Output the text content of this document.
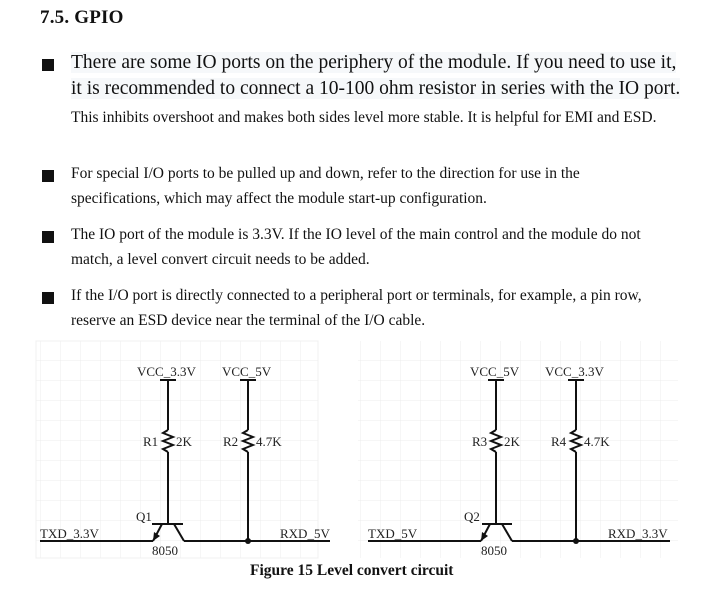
7.5. GPIO
There are some IO ports on the periphery of the module. If you need to use it,
it is recommended to connect a 10-100 ohm resistor in series with the IO port.
This inhibits overshoot and makes both sides level more stable. It is helpful for EMI and ESD.
For special I/O ports to be pulled up and down, refer to the direction for use in the specifications, which may affect the module start-up configuration.
The IO port of the module is 3.3V. If the IO level of the main control and the module do not match, a level convert circuit needs to be added.
If the I/O port is directly connected to a peripheral port or terminals, for example, a pin row, reserve an ESD device near the terminal of the I/O cable.
VCC_3.3V VCC_5V
R1 2K R2 4.7K
Q1
8050
TXD_3.3V	RXD_5V
VCC_5V VCC_3.3V
R3 2K R4 4.7K
Q2
8050
TXD_5V	RXD_3.3V
Figure 15 Level convert circuit
